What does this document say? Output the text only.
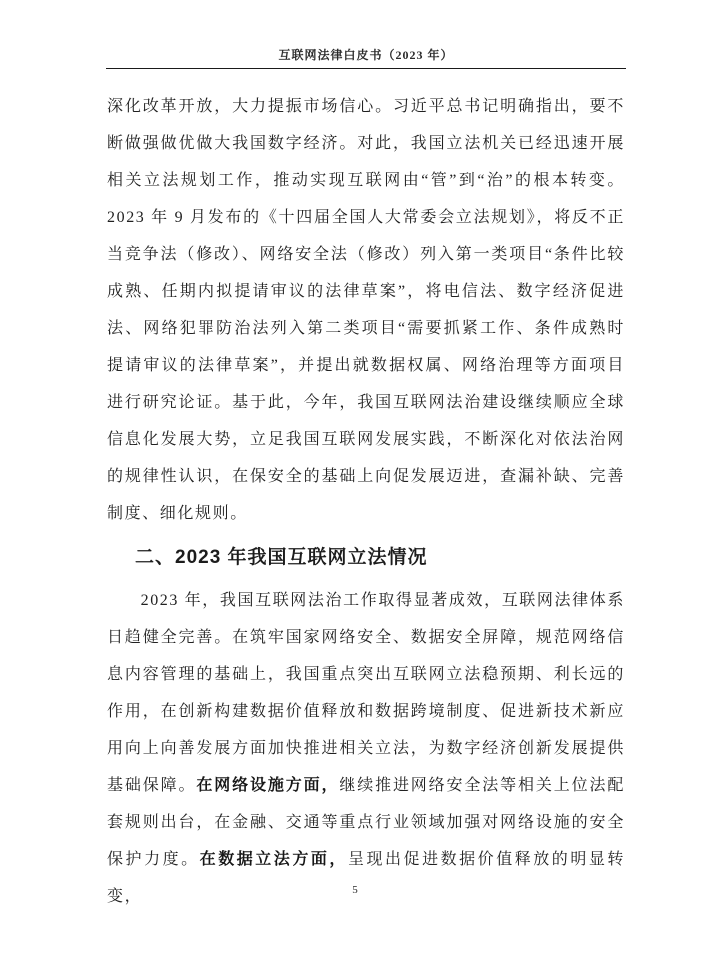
互联网法律白皮书（2023 年）

深化改革开放，大力提振市场信心。习近平总书记明确指出，要不断做强做优做大我国数字经济。对此，我国立法机关已经迅速开展相关立法规划工作，推动实现互联网由“管”到“治”的根本转变。2023 年 9 月发布的《十四届全国人大常委会立法规划》，将反不正当竞争法（修改）、网络安全法（修改）列入第一类项目“条件比较成熟、任期内拟提请审议的法律草案”，将电信法、数字经济促进法、网络犯罪防治法列入第二类项目“需要抓紧工作、条件成熟时提请审议的法律草案”，并提出就数据权属、网络治理等方面项目进行研究论证。基于此，今年，我国互联网法治建设继续顺应全球信息化发展大势，立足我国互联网发展实践，不断深化对依法治网的规律性认识，在保安全的基础上向促发展迈进，查漏补缺、完善制度、细化规则。

二、2023 年我国互联网立法情况

2023 年，我国互联网法治工作取得显著成效，互联网法律体系日趋健全完善。在筑牢国家网络安全、数据安全屏障，规范网络信息内容管理的基础上，我国重点突出互联网立法稳预期、利长远的作用，在创新构建数据价值释放和数据跨境制度、促进新技术新应用向上向善发展方面加快推进相关立法，为数字经济创新发展提供基础保障。在网络设施方面，继续推进网络安全法等相关上位法配套规则出台，在金融、交通等重点行业领域加强对网络设施的安全保护力度。在数据立法方面，呈现出促进数据价值释放的明显转变，	5
